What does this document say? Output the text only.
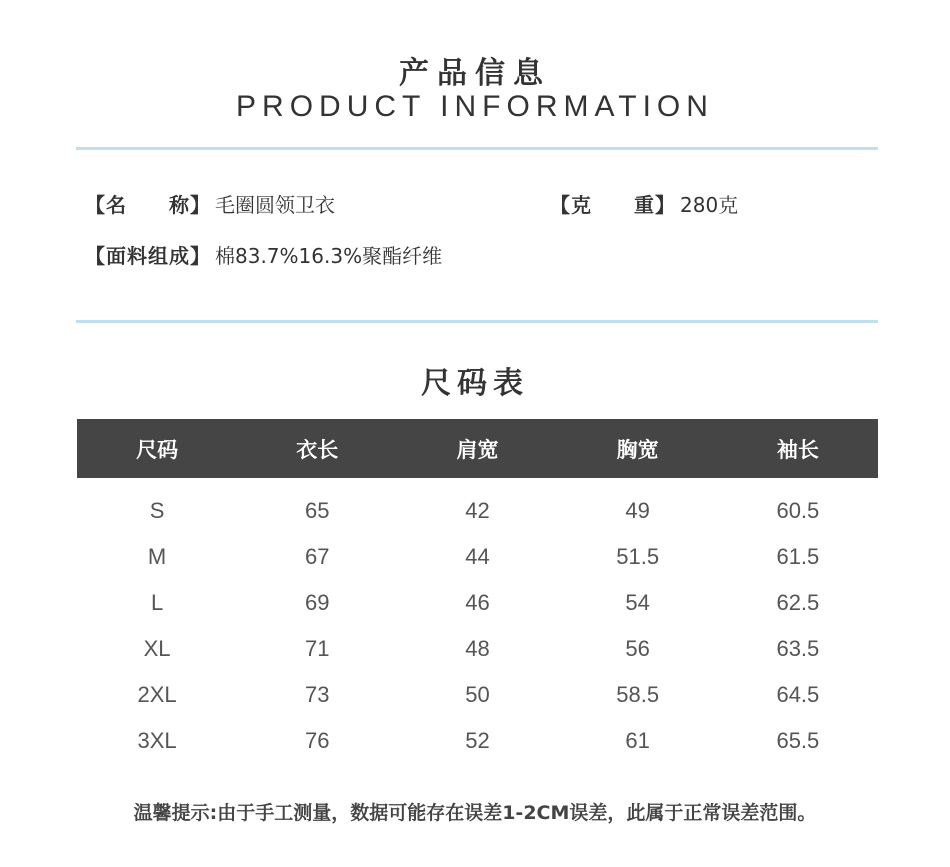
产品信息
PRODUCT INFORMATION
【名　　称】 毛圈圆领卫衣	【克　　重】 280克
【面料组成】 棉83.7%16.3%聚酯纤维
尺码表
尺码	衣长	肩宽	胸宽	袖长
S	65	42	49	60.5
M	67	44	51.5	61.5
L	69	46	54	62.5
XL	71	48	56	63.5
2XL	73	50	58.5	64.5
3XL	76	52	61	65.5
温馨提示:由于手工测量，数据可能存在误差1-2CM误差，此属于正常误差范围。
